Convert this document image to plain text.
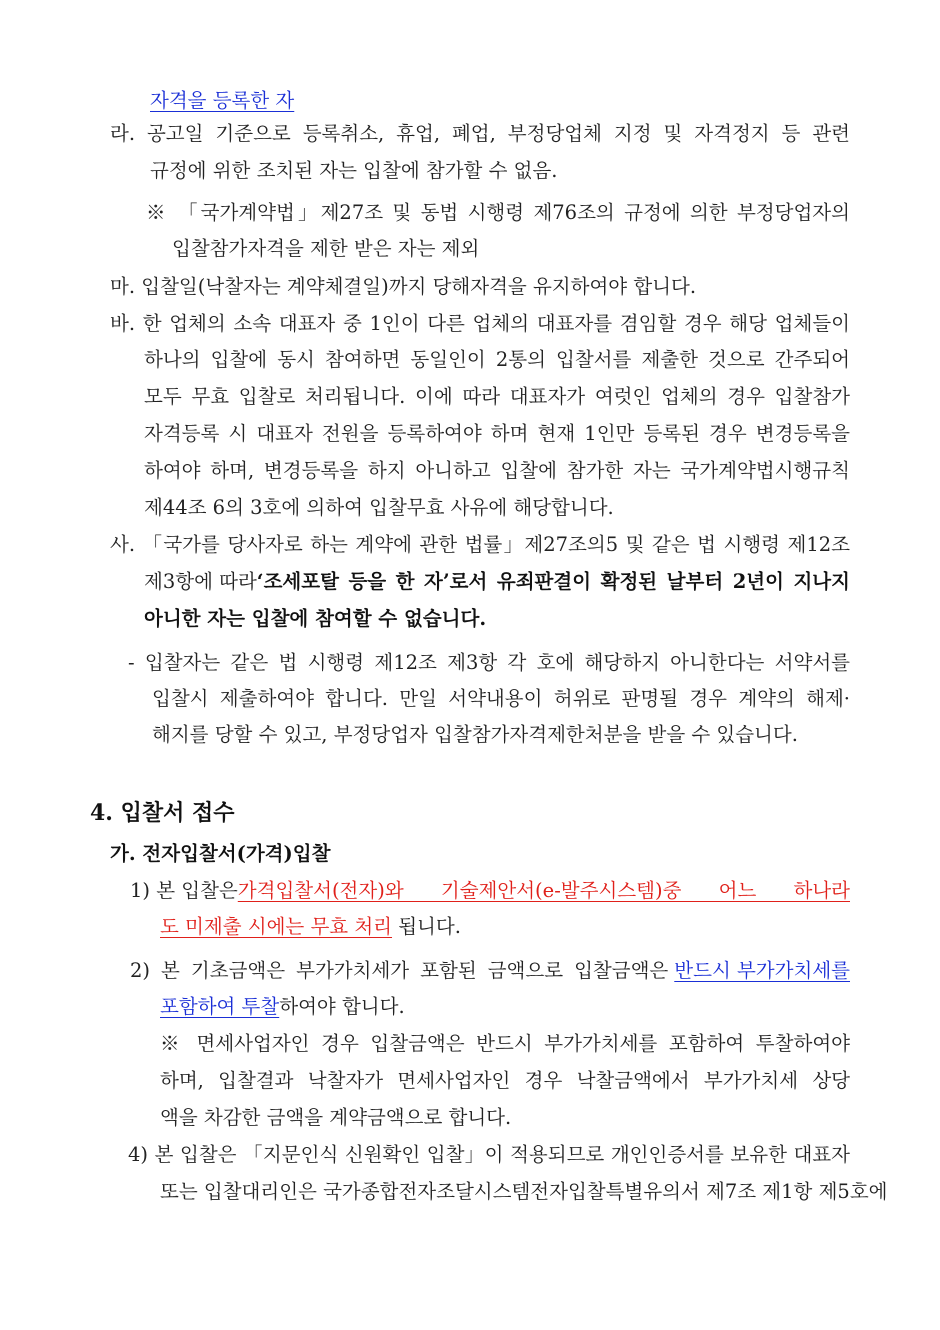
자격을 등록한 자
라. 공고일 기준으로 등록취소, 휴업, 폐업, 부정당업체 지정 및 자격정지 등 관련
규정에 위한 조치된 자는 입찰에 참가할 수 없음.
※ 「국가계약법」제27조 및 동법 시행령 제76조의 규정에 의한 부정당업자의
입찰참가자격을 제한 받은 자는 제외
마. 입찰일(낙찰자는 계약체결일)까지 당해자격을 유지하여야 합니다.
바. 한 업체의 소속 대표자 중 1인이 다른 업체의 대표자를 겸임할 경우 해당 업체들이
하나의 입찰에 동시 참여하면 동일인이 2통의 입찰서를 제출한 것으로 간주되어
모두 무효 입찰로 처리됩니다. 이에 따라 대표자가 여럿인 업체의 경우 입찰참가
자격등록 시 대표자 전원을 등록하여야 하며 현재 1인만 등록된 경우 변경등록을
하여야 하며, 변경등록을 하지 아니하고 입찰에 참가한 자는 국가계약법시행규칙
제44조 6의 3호에 의하여 입찰무효 사유에 해당합니다.
사. 「국가를 당사자로 하는 계약에 관한 법률」제27조의5 및 같은 법 시행령 제12조
제3항에 따라 ‘조세포탈 등을 한 자’로서 유죄판결이 확정된 날부터 2년이 지나지
아니한 자는 입찰에 참여할 수 없습니다.
- 입찰자는 같은 법 시행령 제12조 제3항 각 호에 해당하지 아니한다는 서약서를
입찰시 제출하여야 합니다. 만일 서약내용이 허위로 판명될 경우 계약의 해제·
해지를 당할 수 있고, 부정당업자 입찰참가자격제한처분을 받을 수 있습니다.
4. 입찰서 접수
가. 전자입찰서(가격)입찰
1) 본 입찰은 가격입찰서(전자)와 기술제안서(e-발주시스템)중 어느 하나라
도 미제출 시에는 무효 처리 됩니다.
2) 본 기초금액은 부가가치세가 포함된 금액으로 입찰금액은 반드시 부가가치세를
포함하여 투찰하여야 합니다.
※ 면세사업자인 경우 입찰금액은 반드시 부가가치세를 포함하여 투찰하여야
하며, 입찰결과 낙찰자가 면세사업자인 경우 낙찰금액에서 부가가치세 상당
액을 차감한 금액을 계약금액으로 합니다.
4) 본 입찰은 「지문인식 신원확인 입찰」이 적용되므로 개인인증서를 보유한 대표자
또는 입찰대리인은 국가종합전자조달시스템전자입찰특별유의서 제7조 제1항 제5호에
